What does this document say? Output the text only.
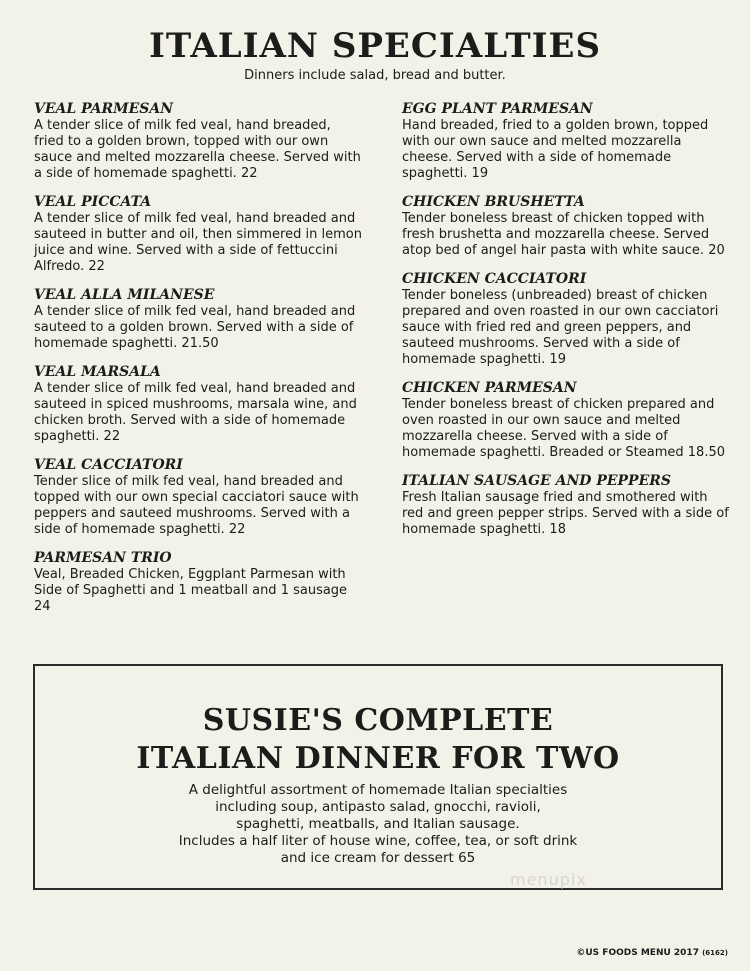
ITALIAN SPECIALTIES

Dinners include salad, bread and butter.

VEAL PARMESAN

A tender slice of milk fed veal, hand breaded, fried to a golden brown, topped with our own sauce and melted mozzarella cheese. Served with a side of homemade spaghetti. 22

VEAL PICCATA

A tender slice of milk fed veal, hand breaded and sauteed in butter and oil, then simmered in lemon juice and wine. Served with a side of fettuccini Alfredo. 22

VEAL ALLA MILANESE

A tender slice of milk fed veal, hand breaded and sauteed to a golden brown. Served with a side of homemade spaghetti. 21.50

VEAL MARSALA

A tender slice of milk fed veal, hand breaded and sauteed in spiced mushrooms, marsala wine, and chicken broth. Served with a side of homemade spaghetti. 22

VEAL CACCIATORI

Tender slice of milk fed veal, hand breaded and topped with our own special cacciatori sauce with peppers and sauteed mushrooms. Served with a side of homemade spaghetti. 22

PARMESAN TRIO

Veal, Breaded Chicken, Eggplant Parmesan with Side of Spaghetti and 1 meatball and 1 sausage 24

EGG PLANT PARMESAN

Hand breaded, fried to a golden brown, topped with our own sauce and melted mozzarella cheese. Served with a side of homemade spaghetti. 19

CHICKEN BRUSHETTA

Tender boneless breast of chicken topped with fresh brushetta and mozzarella cheese. Served atop bed of angel hair pasta with white sauce. 20

CHICKEN CACCIATORI

Tender boneless (unbreaded) breast of chicken prepared and oven roasted in our own cacciatori sauce with fried red and green peppers, and sauteed mushrooms. Served with a side of homemade spaghetti. 19

CHICKEN PARMESAN

Tender boneless breast of chicken prepared and oven roasted in our own sauce and melted mozzarella cheese. Served with a side of homemade spaghetti. Breaded or Steamed 18.50

ITALIAN SAUSAGE AND PEPPERS

Fresh Italian sausage fried and smothered with red and green pepper strips. Served with a side of homemade spaghetti. 18

SUSIE'S COMPLETE
ITALIAN DINNER FOR TWO

A delightful assortment of homemade Italian specialties
including soup, antipasto salad, gnocchi, ravioli,
spaghetti, meatballs, and Italian sausage.
Includes a half liter of house wine, coffee, tea, or soft drink
and ice cream for dessert 65

menupix
©US FOODS MENU 2017 (6162)
